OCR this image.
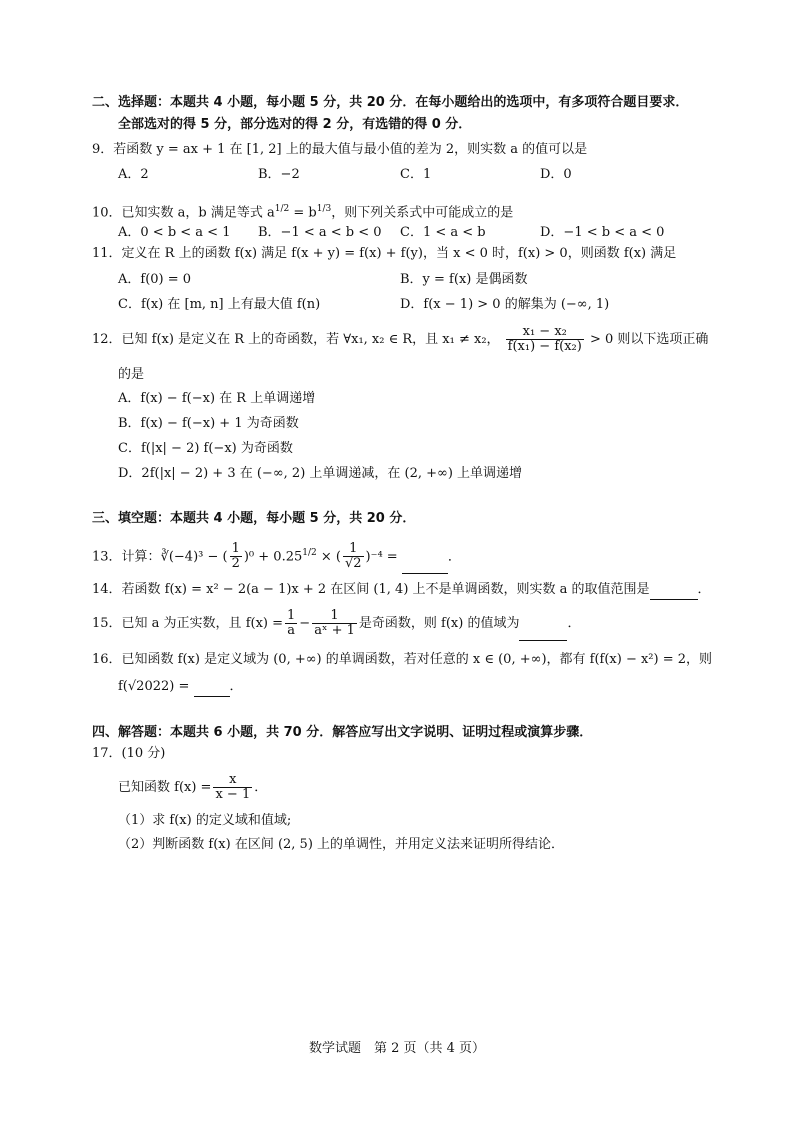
二、选择题：本题共 4 小题，每小题 5 分，共 20 分．在每小题给出的选项中，有多项符合题目要求．
全部选对的得 5 分，部分选对的得 2 分，有选错的得 0 分．
9．若函数 y = ax + 1 在 [1, 2] 上的最大值与最小值的差为 2，则实数 a 的值可以是
A．2	B．−2	C．1	D．0
10．已知实数 a，b 满足等式 $a^{1/2} = b^{1/3}$，则下列关系式中可能成立的是
A．0 < b < a < 1 B．−1 < a < b < 0 C．1 < a < b	D．−1 < b < a < 0
11．定义在 R 上的函数 f(x) 满足 f(x + y) = f(x) + f(y)，当 x < 0 时，f(x) > 0，则函数 f(x) 满足
A．f(0) = 0	B．y = f(x) 是偶函数
C．f(x) 在 [m, n] 上有最大值 f(n)	D．f(x − 1) > 0 的解集为 (−∞, 1)
12．已知 f(x) 是定义在 R 上的奇函数，若 ∀x₁, x₂ ∈ R，且 x₁ ≠ x₂， $\frac{\text{x₁ − x₂}}{\text{f(x₁) − f(x₂)}} > 0$ 则以下选项正确
的是
A．f(x) − f(−x) 在 R 上单调递增
B．f(x) − f(−x) + 1 为奇函数
C．f(|x| − 2) f(−x) 为奇函数
D．2f(|x| − 2) + 3 在 (−∞, 2) 上单调递减，在 (2, +∞) 上单调递增
三、填空题：本题共 4 小题，每小题 5 分，共 20 分．
13．计算：∛(−4)³ − ( $\frac{1}{2} )^0 + 0.25^{1/2}$ × ( $\frac{1}{√2} )^{-4}$ =	．
14．若函数 f(x) = x² − 2(a − 1)x + 2 在区间 (1, 4) 上不是单调函数，则实数 a 的取值范围是	．
15．已知 a 为正实数，且 $f(x) = \frac{1}{a} - \frac{1}{\text{aˣ + 1}}$ 是奇函数，则 f(x) 的值域为	．
16．已知函数 f(x) 是定义域为 (0, +∞) 的单调函数，若对任意的 x ∈ (0, +∞)，都有 f(f(x) − x²) = 2，则
f(√2022) =	．
四、解答题：本题共 6 小题，共 70 分．解答应写出文字说明、证明过程或演算步骤．
17．(10 分)
已知函数 $f(x) = \frac{x}{x - 1}$ ．
（1）求 f(x) 的定义域和值域;
（2）判断函数 f(x) 在区间 (2, 5) 上的单调性，并用定义法来证明所得结论．
数学试题　第 2 页（共 4 页）
